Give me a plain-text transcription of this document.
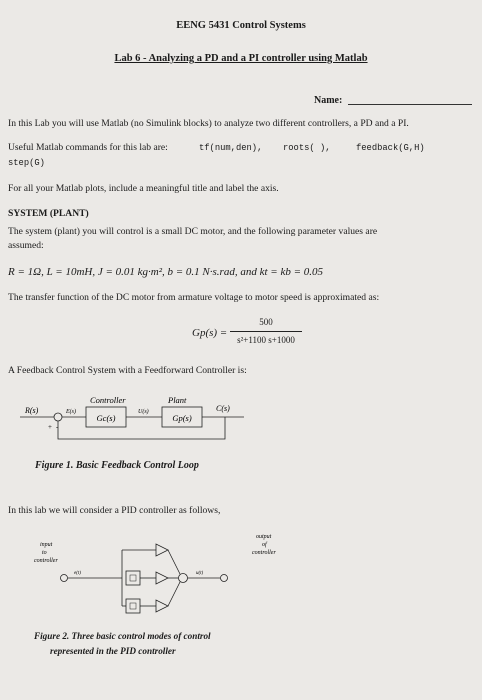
EENG 5431 Control Systems
Lab 6 - Analyzing a PD and a PI controller using Matlab
Name:
In this Lab you will use Matlab (no Simulink blocks) to analyze two different controllers, a PD and a PI.
Useful Matlab commands for this lab are:	tf(num,den), roots( ),	feedback(G,H)
step(G)
For all your Matlab plots, include a meaningful title and label the axis.
SYSTEM (PLANT)
The system (plant) you will control is a small DC motor, and the following parameter values are
assumed:
R = 1Ω, L = 10mH, J = 0.01 kg·m², b = 0.1 N·s.rad, and kt = kb = 0.05
The transfer function of the DC motor from armature voltage to motor speed is approximated as:
Gp(s) =
500
s²+1100 s+1000
A Feedback Control System with a Feedforward Controller is:
Controller	Plant
R(s)	E(s)	U(s)	C(s)
+ -
Gc(s)	Gp(s)
Figure 1. Basic Feedback Control Loop
In this lab we will consider a PID controller as follows,
input
to
controller
output
of
controller
e(t)	u(t)
Figure 2. Three basic control modes of control
represented in the PID controller
